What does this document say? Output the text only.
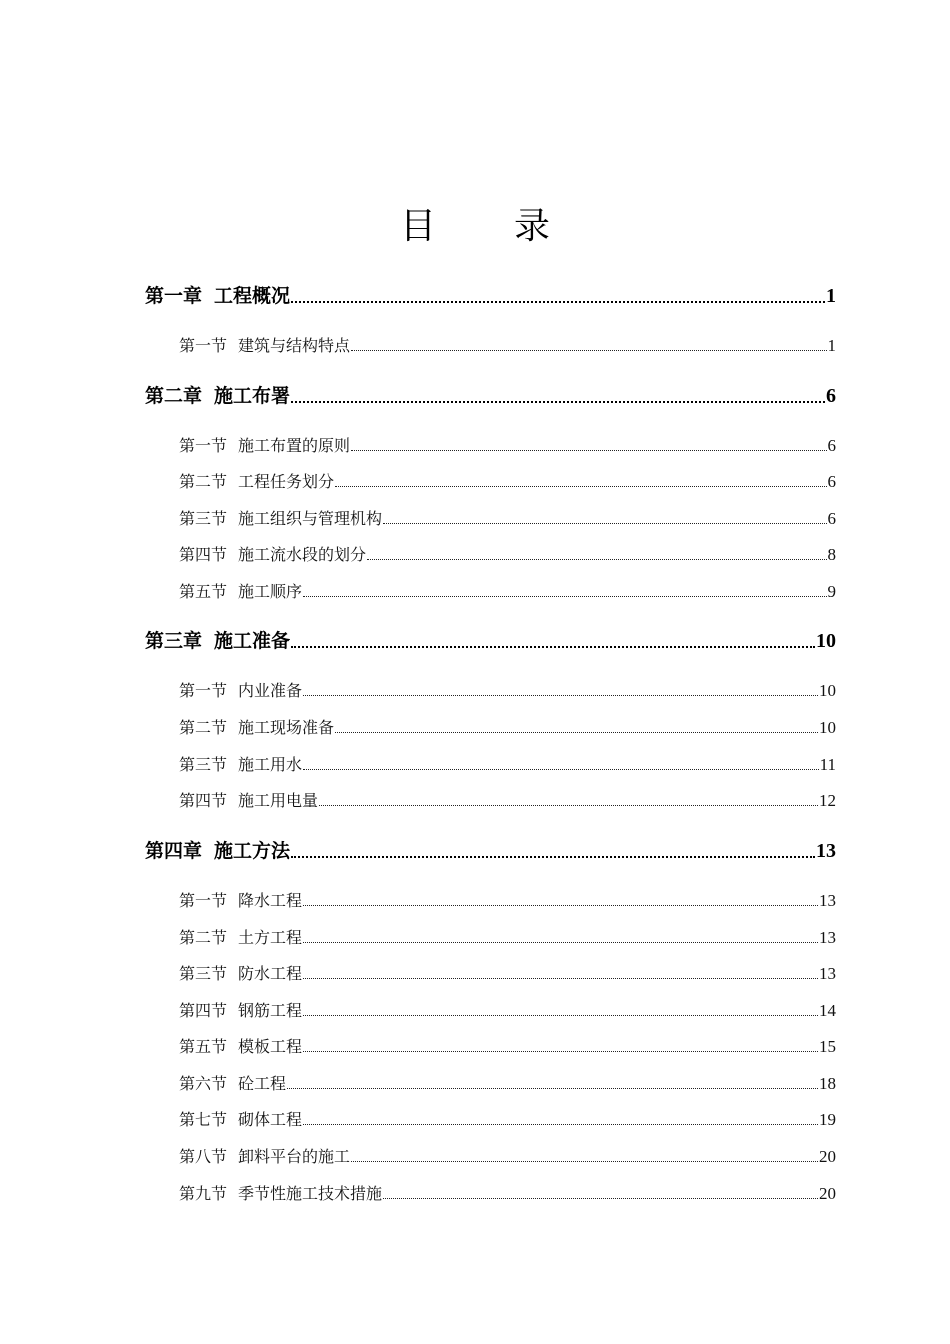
目 录
第一章 工程概况	1
第一节 建筑与结构特点	1
第二章 施工布署	6
第一节 施工布置的原则	6
第二节 工程任务划分	6
第三节 施工组织与管理机构	6
第四节 施工流水段的划分	8
第五节 施工顺序	9
第三章 施工准备	10
第一节 内业准备	10
第二节 施工现场准备	10
第三节 施工用水	11
第四节 施工用电量	12
第四章 施工方法	13
第一节 降水工程	13
第二节 土方工程	13
第三节 防水工程	13
第四节 钢筋工程	14
第五节 模板工程	15
第六节 砼工程	18
第七节 砌体工程	19
第八节 卸料平台的施工	20
第九节 季节性施工技术措施	20
